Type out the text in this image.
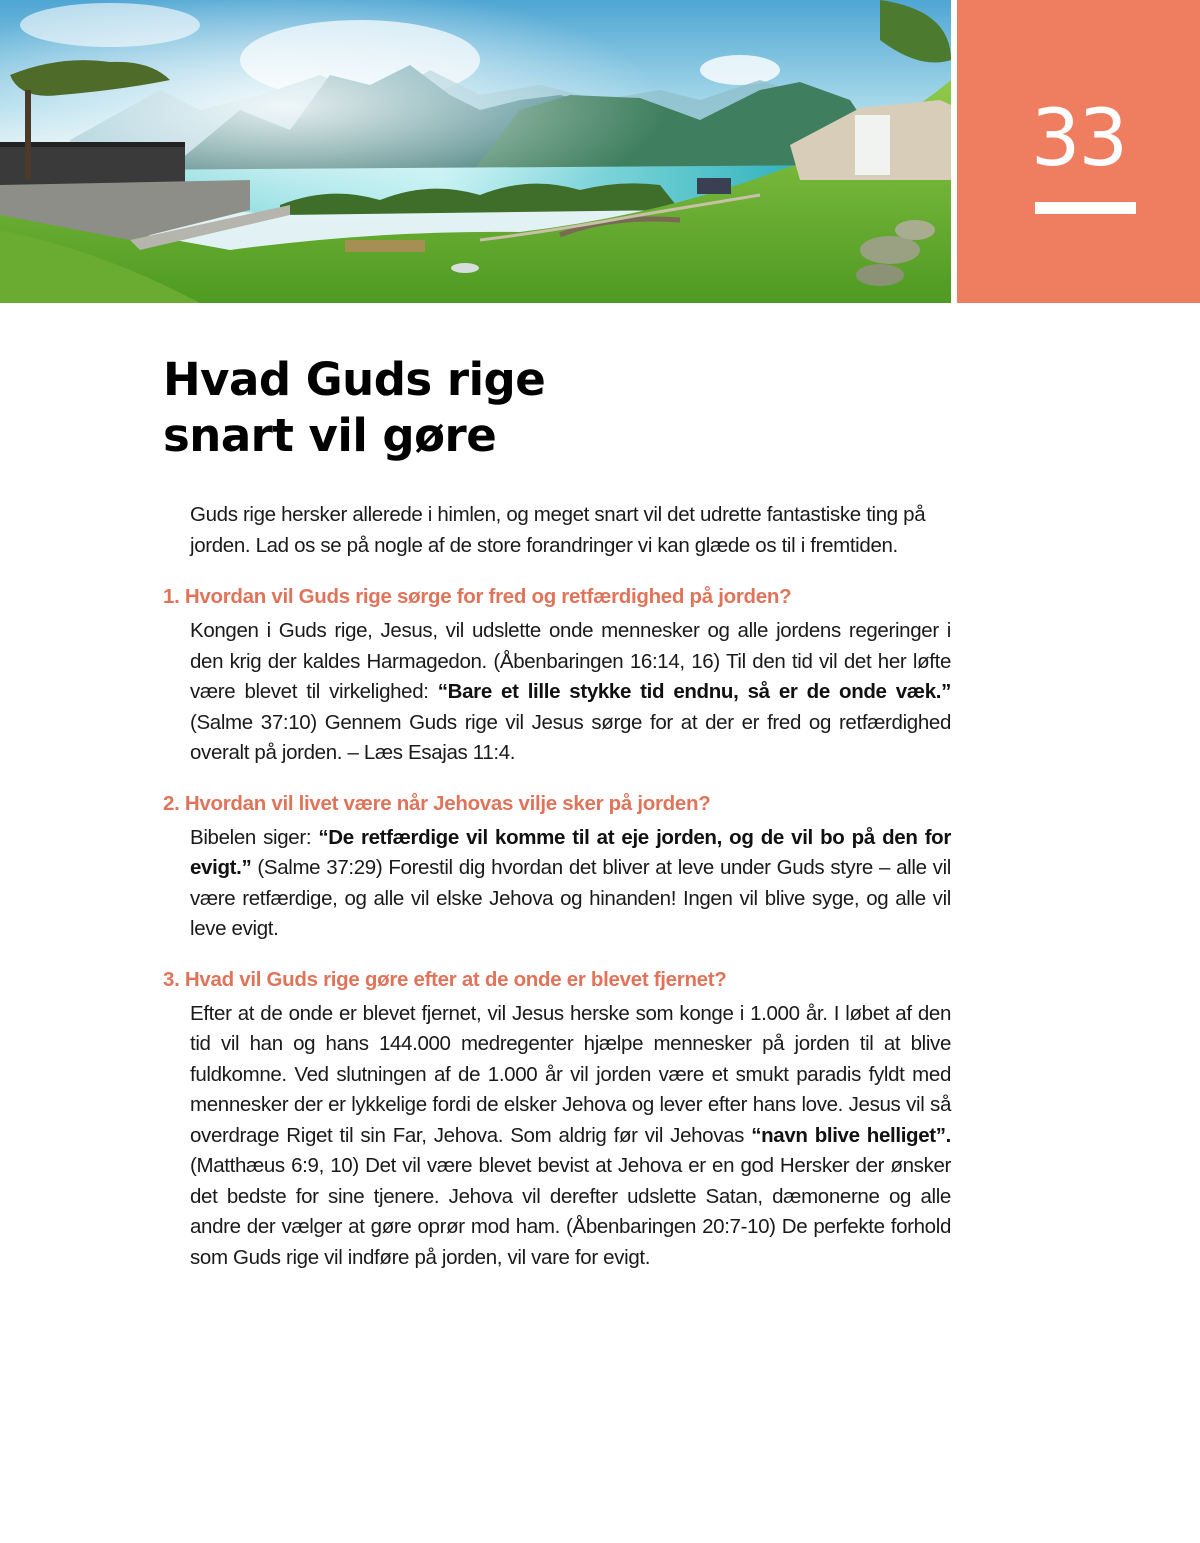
33
Hvad Guds rige
snart vil gøre

Guds rige hersker allerede i himlen, og meget snart vil det udrette fantastiske ting på jorden. Lad os se på nogle af de store forandringer vi kan glæde os til i fremtiden.

1. Hvordan vil Guds rige sørge for fred og retfærdighed på jorden?

Kongen i Guds rige, Jesus, vil udslette onde mennesker og alle jordens regeringer i den krig der kaldes Harmagedon. (Åbenbaringen 16:14, 16) Til den tid vil det her løfte være blevet til virkelighed: “Bare et lille stykke tid endnu, så er de onde væk.” (Salme 37:10) Gennem Guds rige vil Jesus sørge for at der er fred og retfærdighed overalt på jorden. – Læs Esajas 11:4.

2. Hvordan vil livet være når Jehovas vilje sker på jorden?

Bibelen siger: “De retfærdige vil komme til at eje jorden, og de vil bo på den for evigt.” (Salme 37:29) Forestil dig hvordan det bliver at leve under Guds styre – alle vil være retfærdige, og alle vil elske Jehova og hinanden! Ingen vil blive syge, og alle vil leve evigt.

3. Hvad vil Guds rige gøre efter at de onde er blevet fjernet?

Efter at de onde er blevet fjernet, vil Jesus herske som konge i 1.000 år. I løbet af den tid vil han og hans 144.000 medregenter hjælpe mennesker på jorden til at blive fuldkomne. Ved slutningen af de 1.000 år vil jorden være et smukt paradis fyldt med mennesker der er lykkelige fordi de elsker Jehova og lever efter hans love. Jesus vil så overdrage Riget til sin Far, Jehova. Som aldrig før vil Jehovas “navn blive helliget”. (Matthæus 6:9, 10) Det vil være blevet bevist at Jehova er en god Hersker der ønsker det bedste for sine tjenere. Jehova vil derefter udslette Satan, dæmonerne og alle andre der vælger at gøre oprør mod ham. (Åbenbaringen 20:7-10) De perfekte forhold som Guds rige vil indføre på jorden, vil vare for evigt.
